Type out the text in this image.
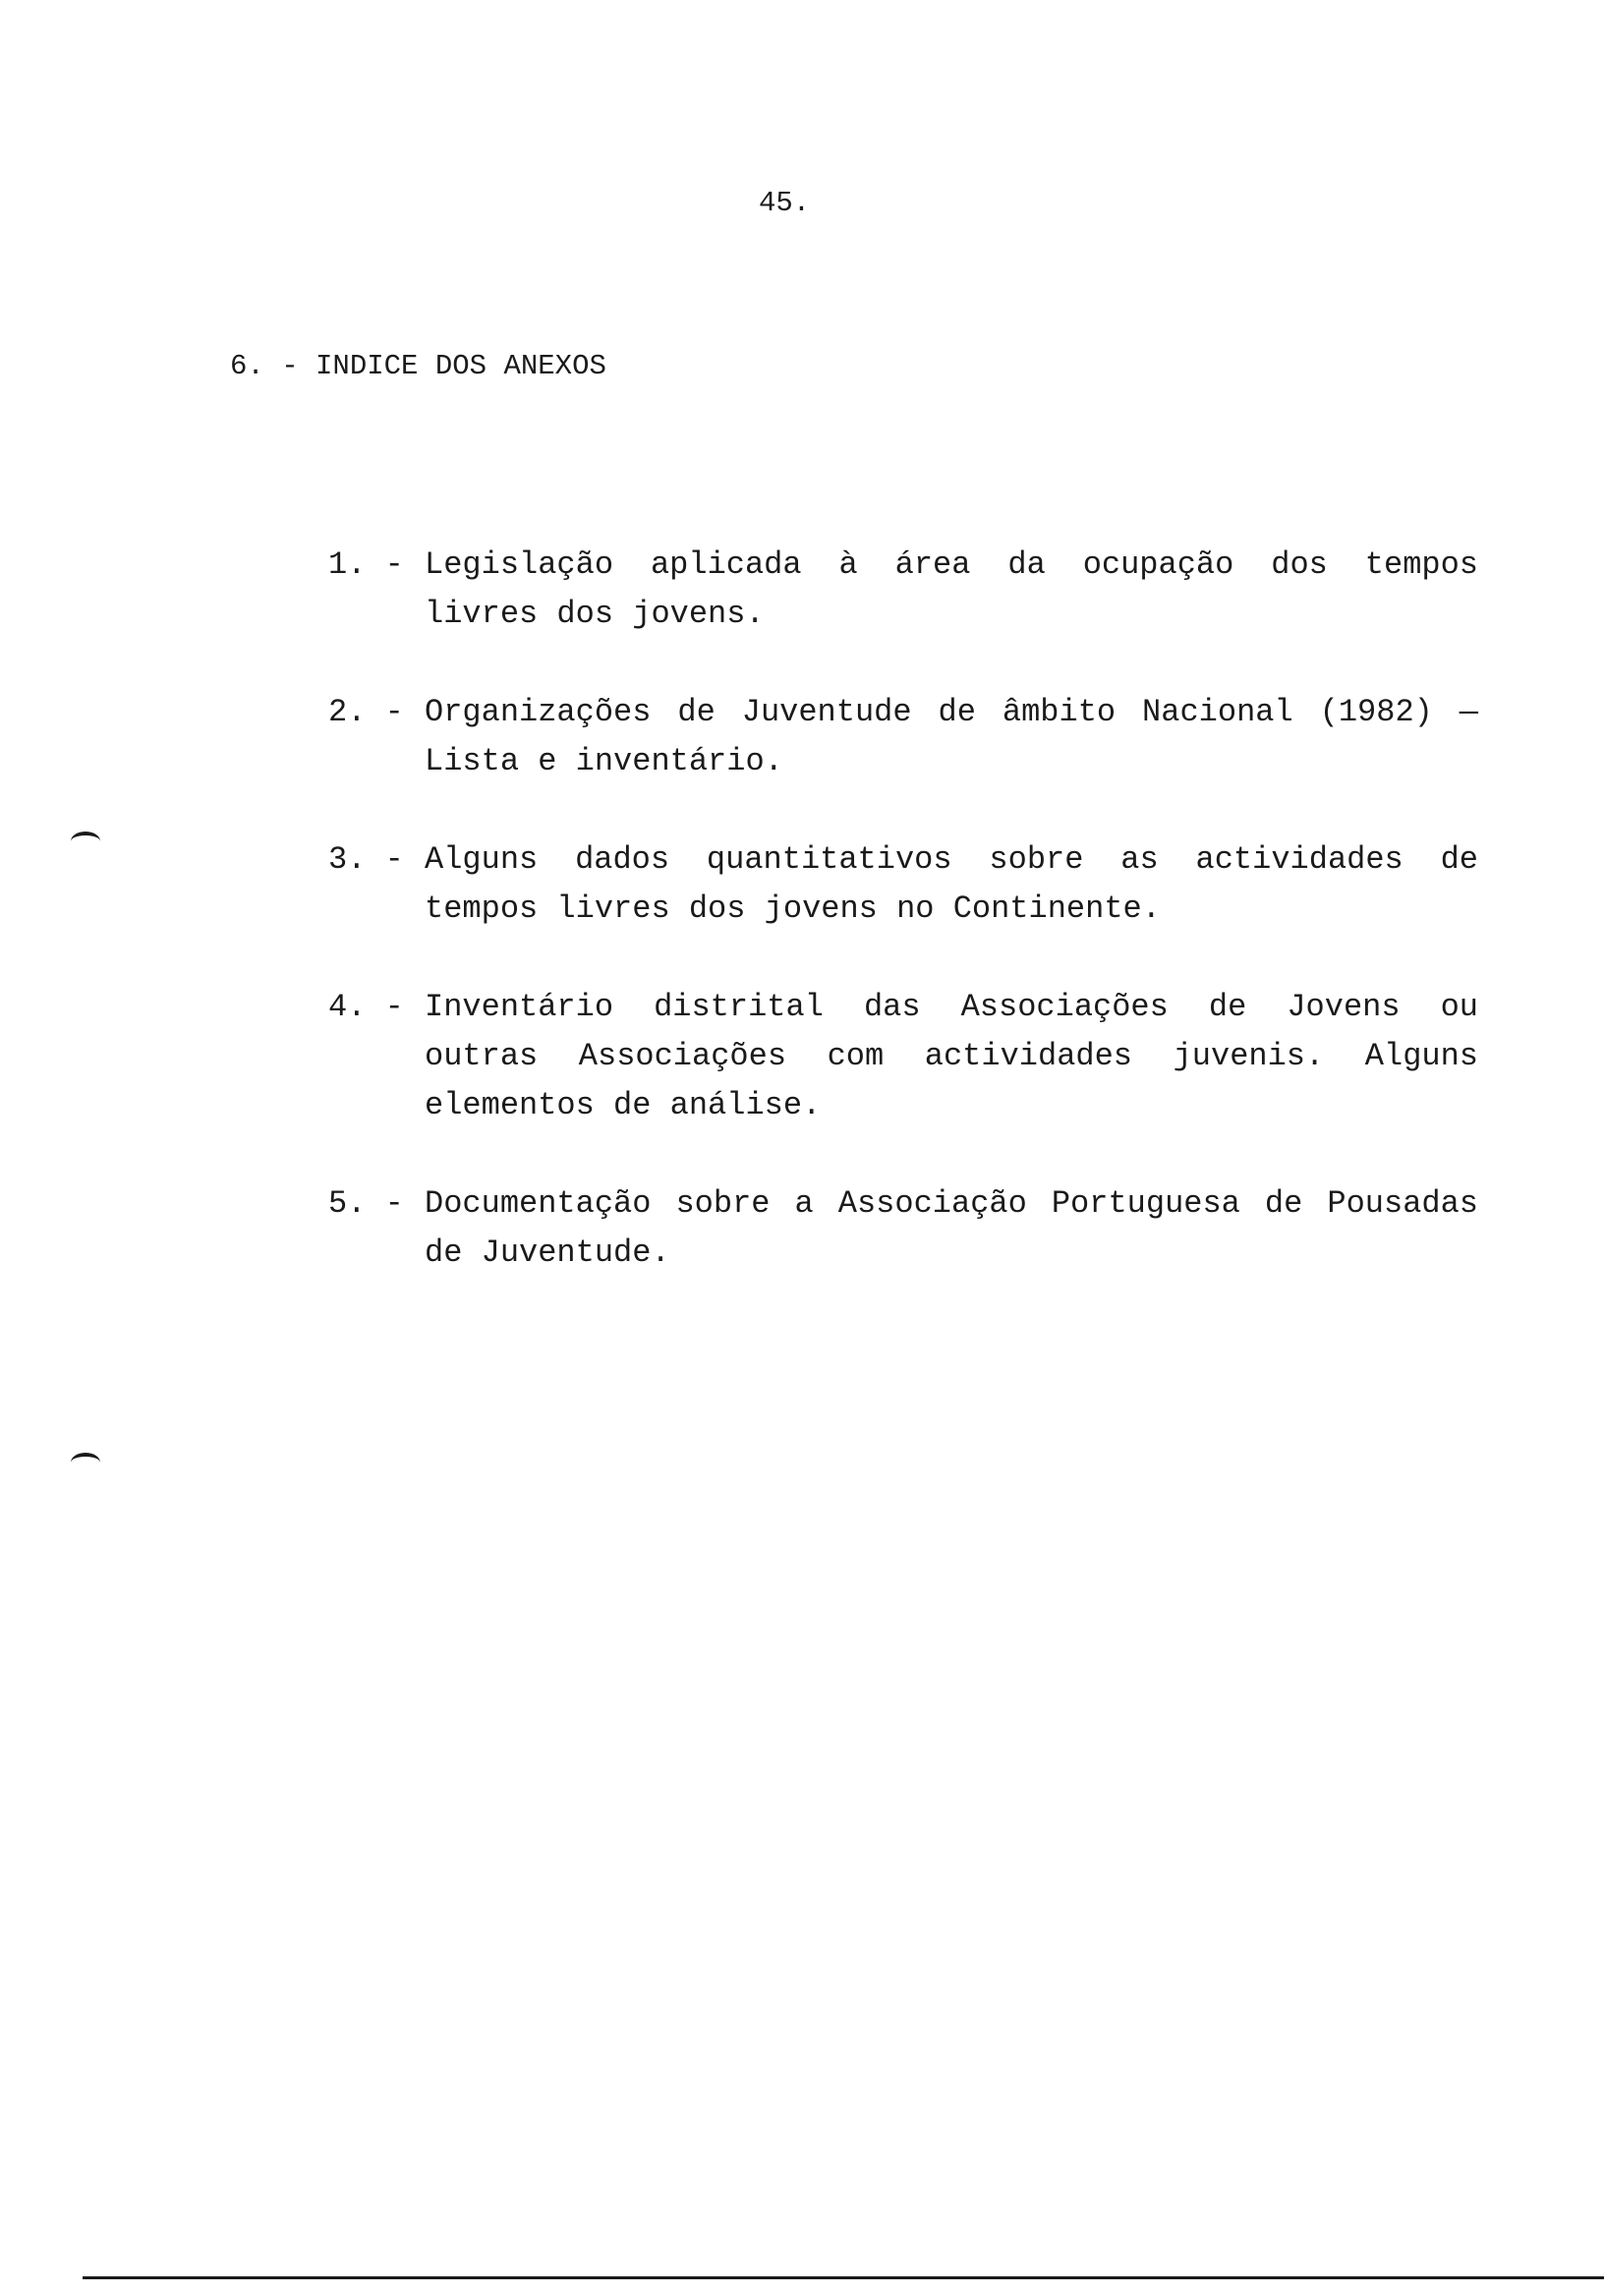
45.
6. - INDICE DOS ANEXOS
1. - Legislação aplicada à área da ocupação dos tempos livres dos jovens.
2. - Organizações de Juventude de âmbito Nacional (1982) — Lista e inventário.
3. - Alguns dados quantitativos sobre as actividades de tempos livres dos jovens no Continente.
4. - Inventário distrital das Associações de Jovens ou outras Associações com actividades juvenis. Alguns elementos de análise.
5. - Documentação sobre a Associação Portuguesa de Pousadas de Juventude.
